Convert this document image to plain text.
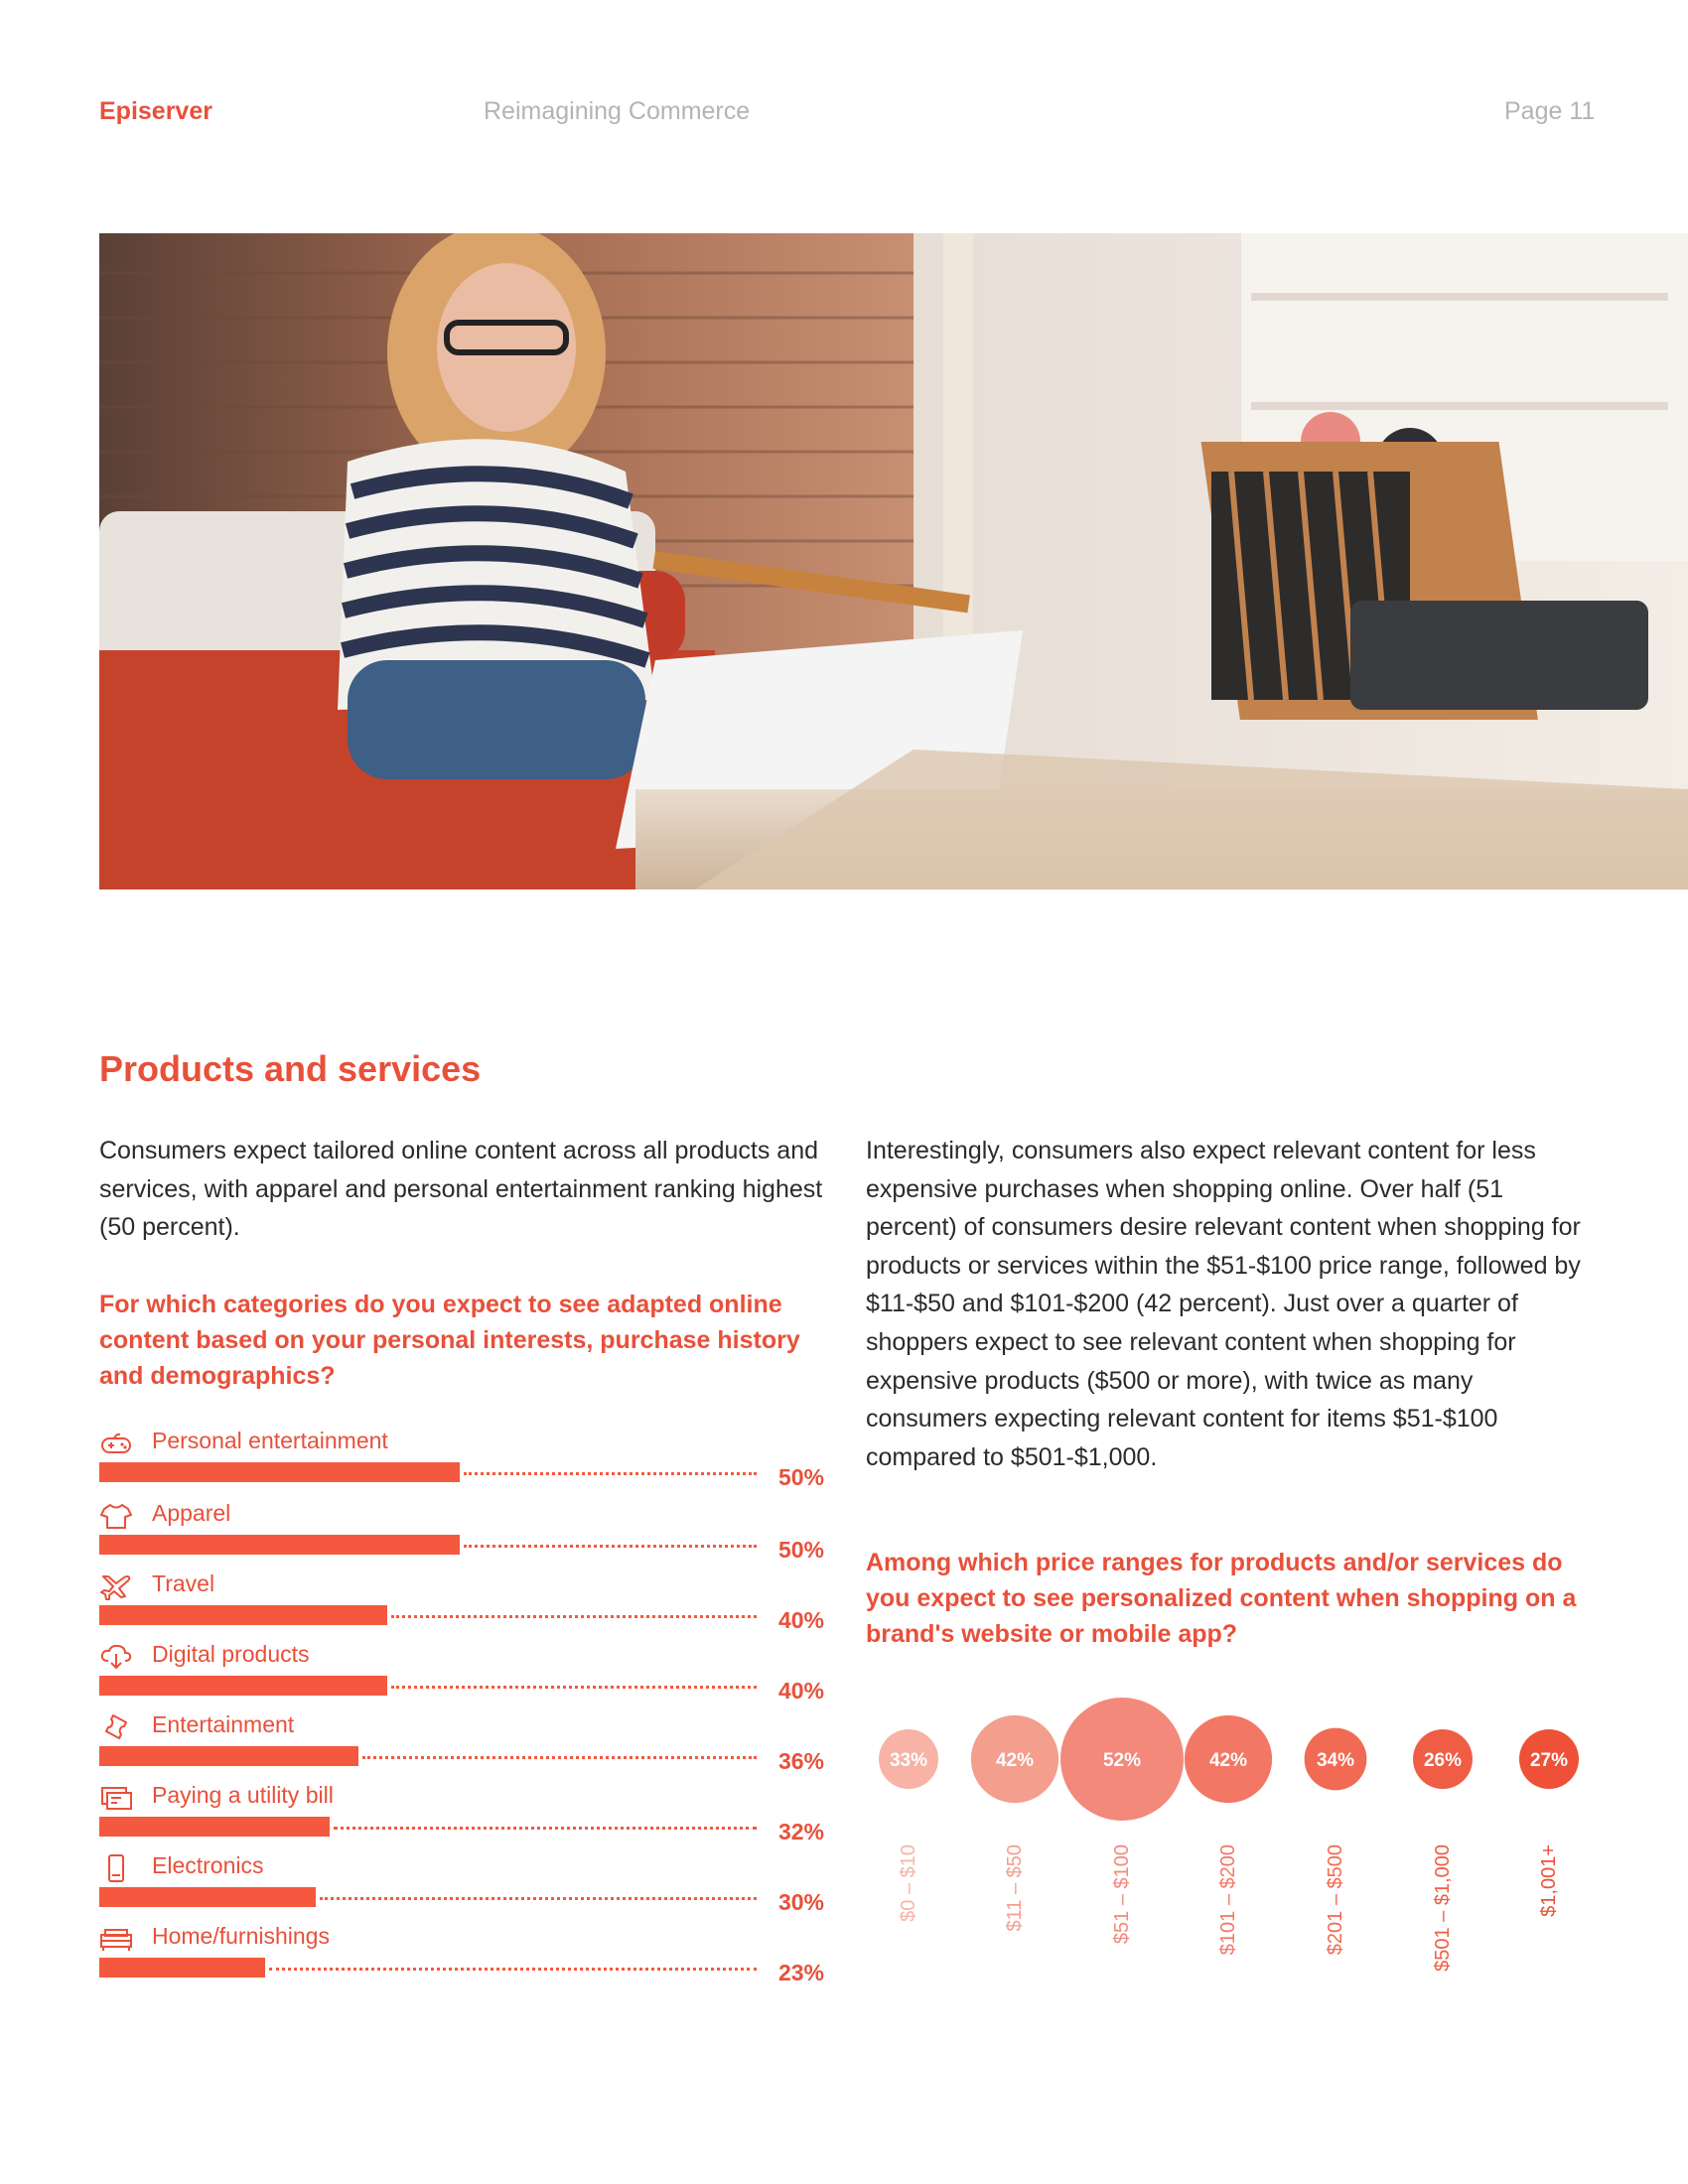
Episerver	Reimagining Commerce	Page 11
Products and services
Consumers expect tailored online content across all products and services, with apparel and personal entertainment ranking highest (50 percent).
Interestingly, consumers also expect relevant content for less expensive purchases when shopping online. Over half (51 percent) of consumers desire relevant content when shopping for products or services within the $51-$100 price range, followed by $11-$50 and $101-$200 (42 percent). Just over a quarter of shoppers expect to see relevant content when shopping for expensive products ($500 or more), with twice as many consumers expecting relevant content for items $51-$100 compared to $501-$1,000.
For which categories do you expect to see adapted online content based on your personal interests, purchase history and demographics?
Among which price ranges for products and/or services do you expect to see personalized content when shopping on a brand's website or mobile app?
Personal entertainment
50%
Apparel
50%
Travel
40%
Digital products
40%
Entertainment
36%
Paying a utility bill
32%
Electronics
30%
Home/furnishings
23%
33%
$0 – $10
42%
$11 – $50
52%
$51 – $100
42%
$101 – $200
34%
$201 – $500
26%
$501 – $1,000
27%
$1,001+
